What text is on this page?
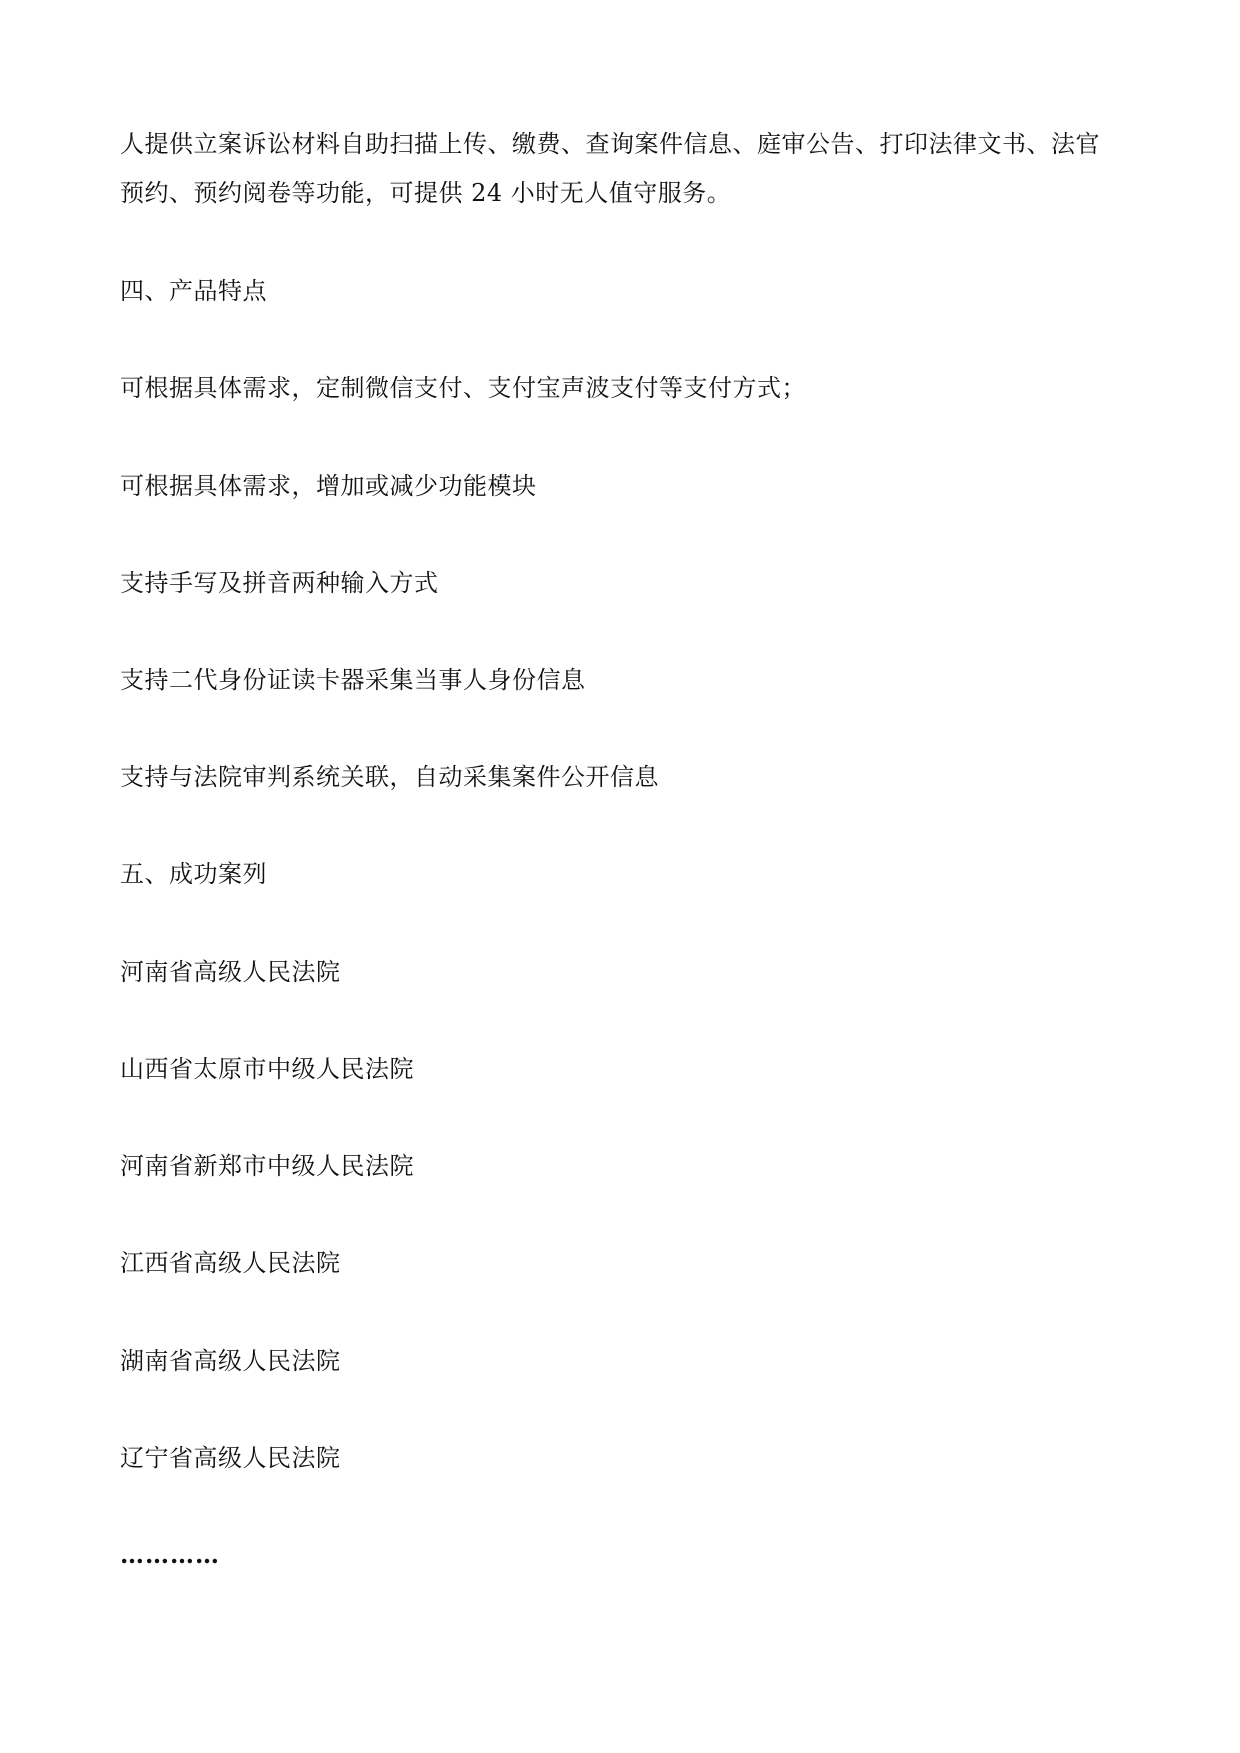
人提供立案诉讼材料自助扫描上传、缴费、查询案件信息、庭审公告、打印法律文书、法官
预约、预约阅卷等功能，可提供 24 小时无人值守服务。
四、产品特点
可根据具体需求，定制微信支付、支付宝声波支付等支付方式；
可根据具体需求，增加或减少功能模块
支持手写及拼音两种输入方式
支持二代身份证读卡器采集当事人身份信息
支持与法院审判系统关联，自动采集案件公开信息
五、成功案列
河南省高级人民法院
山西省太原市中级人民法院
河南省新郑市中级人民法院
江西省高级人民法院
湖南省高级人民法院
辽宁省高级人民法院
…………
